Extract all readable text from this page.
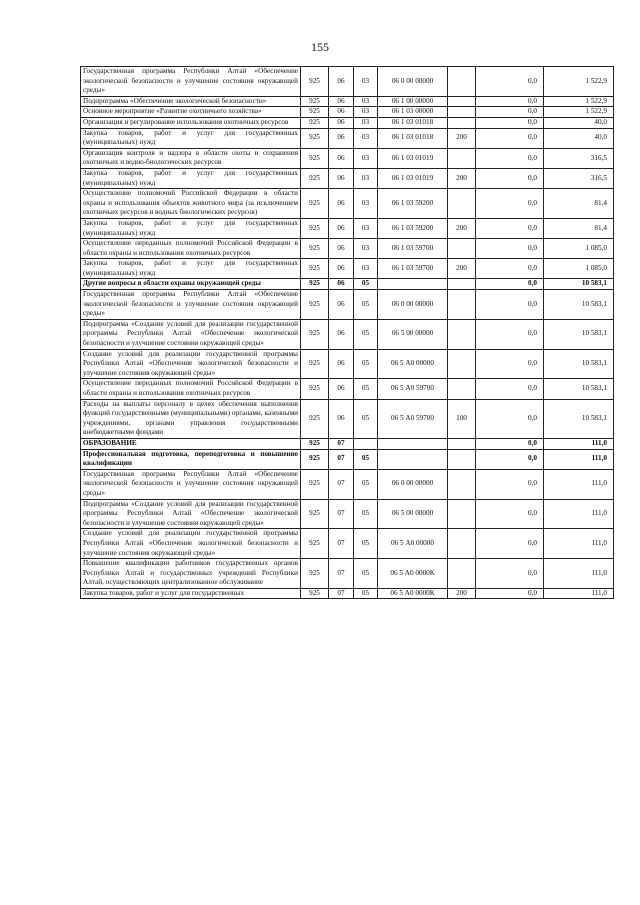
155
Государственная программа Республики Алтай «Обеспечение экологической безопасности и улучшение состояния окружающей среды»	925	06	03	06 0 00 00000		0,0	1 522,9
Подпрограмма «Обеспечение экологической безопасности»	925	06	03	06 1 00 00000		0,0	1 522,9
Основное мероприятие «Развитие охотничьего хозяйства»	925	06	03	06 1 03 00000		0,0	1 522,9
Организация и регулирование использования охотничьих ресурсов	925	06	03	06 1 03 01018		0,0	40,0
Закупка товаров, работ и услуг для государственных (муниципальных) нужд	925	06	03	06 1 03 01018	200	0,0	40,0
Организация контроля и надзора в области охоты и сохранения охотничьих и водно-биологических ресурсов	925	06	03	06 1 03 01019		0,0	316,5
Закупка товаров, работ и услуг для государственных (муниципальных) нужд	925	06	03	06 1 03 01019	200	0,0	316,5
Осуществление полномочий Российской Федерации в области охраны и использования объектов животного мира (за исключением охотничьих ресурсов и водных биологических ресурсов)	925	06	03	06 1 03 59200		0,0	81,4
Закупка товаров, работ и услуг для государственных (муниципальных) нужд	925	06	03	06 1 03 59200	200	0,0	81,4
Осуществление переданных полномочий Российской Федерации в области охраны и использования охотничьих ресурсов	925	06	03	06 1 03 59700		0,0	1 085,0
Закупка товаров, работ и услуг для государственных (муниципальных) нужд	925	06	03	06 1 03 59700	200	0,0	1 085,0
Другие вопросы в области охраны окружающей среды	925	06	05			0,0	10 583,1
Государственная программа Республики Алтай «Обеспечение экологической безопасности и улучшение состояния окружающей среды»	925	06	05	06 0 00 00000		0,0	10 583,1
Подпрограмма «Создание условий для реализации государственной программы Республики Алтай «Обеспечение экологической безопасности и улучшение состояния окружающей среды»	925	06	05	06 5 00 00000		0,0	10 583,1
Создание условий для реализации государственной программы Республики Алтай «Обеспечение экологической безопасности и улучшение состояния окружающей среды»	925	06	05	06 5 А0 00000		0,0	10 583,1
Осуществление переданных полномочий Российской Федерации в области охраны и использования охотничьих ресурсов	925	06	05	06 5 А0 59700		0,0	10 583,1
Расходы на выплаты персоналу в целях обеспечения выполнения функций государственными (муниципальными) органами, казенными учреждениями, органами управления государственными внебюджетными фондами	925	06	05	06 5 А0 59700	100	0,0	10 583,1
ОБРАЗОВАНИЕ	925	07				0,0	111,0
Профессиональная подготовка, переподготовка и повышение квалификации	925	07	05			0,0	111,0
Государственная программа Республики Алтай «Обеспечение экологической безопасности и улучшение состояния окружающей среды»	925	07	05	06 0 00 00000		0,0	111,0
Подпрограмма «Создание условий для реализации государственной программы Республики Алтай «Обеспечение экологической безопасности и улучшение состояния окружающей среды»	925	07	05	06 5 00 00000		0,0	111,0
Создание условий для реализации государственной программы Республики Алтай «Обеспечение экологической безопасности и улучшение состояния окружающей среды»	925	07	05	06 5 А0 00000		0,0	111,0
Повышение квалификации работников государственных органов Республики Алтай и государственных учреждений Республики Алтай, осуществляющих централизованное обслуживание	925	07	05	06 5 А0 0000К		0,0	111,0
Закупка товаров, работ и услуг для государственных	925	07	05	06 5 А0 0000К	200	0,0	111,0
